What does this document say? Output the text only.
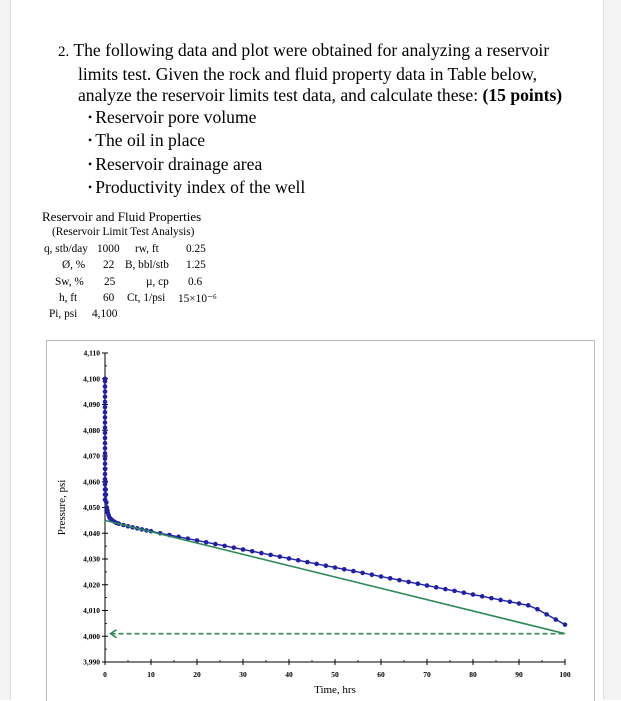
2. The following data and plot were obtained for analyzing a reservoir
limits test. Given the rock and fluid property data in Table below,
analyze the reservoir limits test data, and calculate these: (15 points)
• Reservoir pore volume
• The oil in place
• Reservoir drainage area
• Productivity index of the well
Reservoir and Fluid Properties
(Reservoir Limit Test Analysis)
q, stb/day 1000 rw, ft 0.25
Ø, % 22 B, bbl/stb 1.25
Sw, % 25	µ, cp 0.6
h, ft 60 Ct, 1/psi 15×10⁻⁶
Pi, psi 4,100
3,990
4,000
4,010
4,020
4,030
4,040
4,050
4,060
4,070
4,080
4,090
4,100
4,110
0	10	20	30	40	50	60	70	80	90	100
Time, hrs
Pressure, psi
